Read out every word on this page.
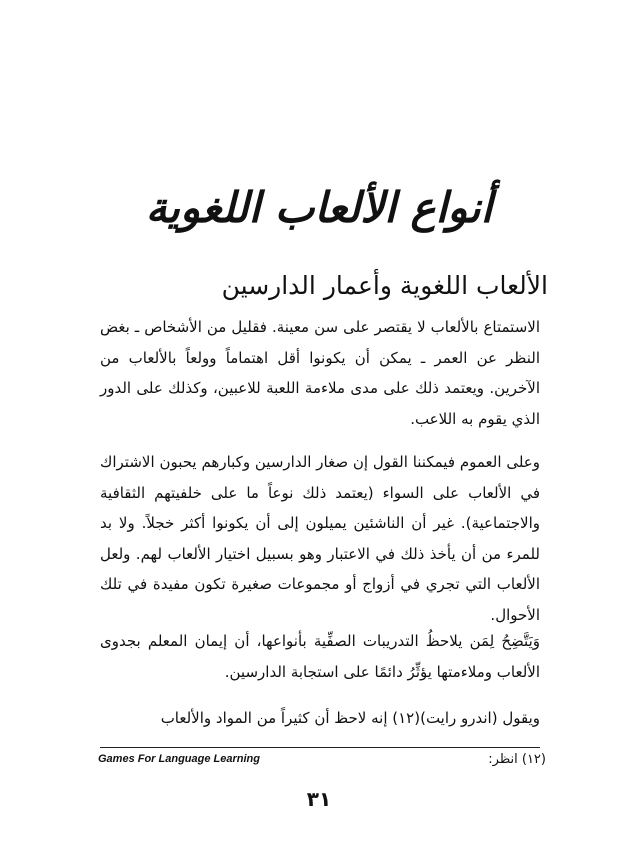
أنواع الألعاب اللغوية
الألعاب اللغوية وأعمار الدارسين

الاستمتاع بالألعاب لا يقتصر على سن معينة. فقليل من الأشخاص ـ بغض النظر عن العمر ـ يمكن أن يكونوا أقل اهتماماً وولعاً بالألعاب من الآخرين. ويعتمد ذلك على مدى ملاءمة اللعبة للاعبين، وكذلك على الدور الذي يقوم به اللاعب.

وعلى العموم فيمكننا القول إن صغار الدارسين وكبارهم يحبون الاشتراك في الألعاب على السواء (يعتمد ذلك نوعاً ما على خلفيتهم الثقافية والاجتماعية). غير أن الناشئين يميلون إلى أن يكونوا أكثر خجلاً. ولا بد للمرء من أن يأخذ ذلك في الاعتبار وهو بسبيل اختيار الألعاب لهم. ولعل الألعاب التي تجري في أزواج أو مجموعات صغيرة تكون مفيدة في تلك الأحوال.

وَيَتَّضِحُ لِمَن يلاحظُ التدريبات الصفِّية بأنواعها، أن إيمان المعلم بجدوى الألعاب وملاءمتها يؤثِّرُ دائمًا على استجابة الدارسين.

ويقول (اندرو رايت)(١٢) إنه لاحظ أن كثيراً من المواد والألعاب

(١٢) انظر:
Games For Language Learning
٣١
